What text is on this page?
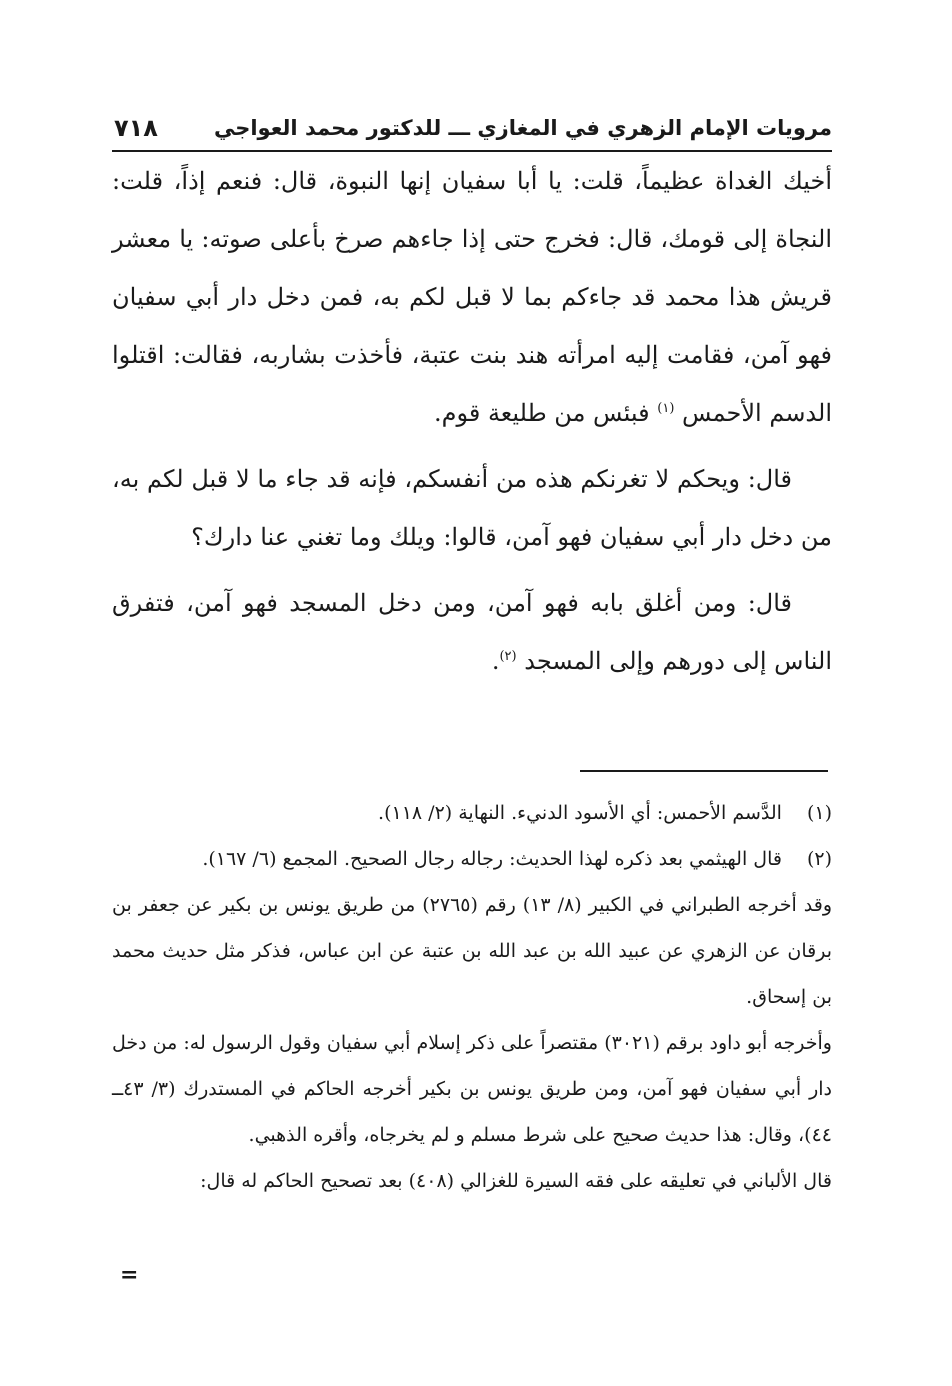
مرويات الإمام الزهري في المغازي ـــ للدكتور محمد العواجي
٧١٨

أخيك الغداة عظيماً، قلت: يا أبا سفيان إنها النبوة، قال: فنعم إذاً، قلت: النجاة إلى قومك، قال: فخرج حتى إذا جاءهم صرخ بأعلى صوته: يا معشر قريش هذا محمد قد جاءكم بما لا قبل لكم به، فمن دخل دار أبي سفيان فهو آمن، فقامت إليه امرأته هند بنت عتبة، فأخذت بشاربه، فقالت: اقتلوا الدسم الأحمس $^{(١)}$ فبئس من طليعة قوم.

قال: ويحكم لا تغرنكم هذه من أنفسكم، فإنه قد جاء ما لا قبل لكم به، من دخل دار أبي سفيان فهو آمن، قالوا: ويلك وما تغني عنا دارك؟

قال: ومن أغلق بابه فهو آمن، ومن دخل المسجد فهو آمن، فتفرق الناس إلى دورهم وإلى المسجد $^{(٢)}$.

(١) الدَّسم الأحمس: أي الأسود الدنيء. النهاية (٢/ ١١٨).

(٢) قال الهيثمي بعد ذكره لهذا الحديث: رجاله رجال الصحيح. المجمع (٦/ ١٦٧).

وقد أخرجه الطبراني في الكبير (٨/ ١٣) رقم (٢٧٦٥) من طريق يونس بن بكير عن جعفر بن برقان عن الزهري عن عبيد الله بن عبد الله بن عتبة عن ابن عباس، فذكر مثل حديث محمد بن إسحاق.

وأخرجه أبو داود برقم (٣٠٢١) مقتصراً على ذكر إسلام أبي سفيان وقول الرسول له: من دخل دار أبي سفيان فهو آمن، ومن طريق يونس بن بكير أخرجه الحاكم في المستدرك (٣/ ٤٣ــ ٤٤)، وقال: هذا حديث صحيح على شرط مسلم و لم يخرجاه، وأقره الذهبي.

قال الألباني في تعليقه على فقه السيرة للغزالي (٤٠٨) بعد تصحيح الحاكم له قال:

=
